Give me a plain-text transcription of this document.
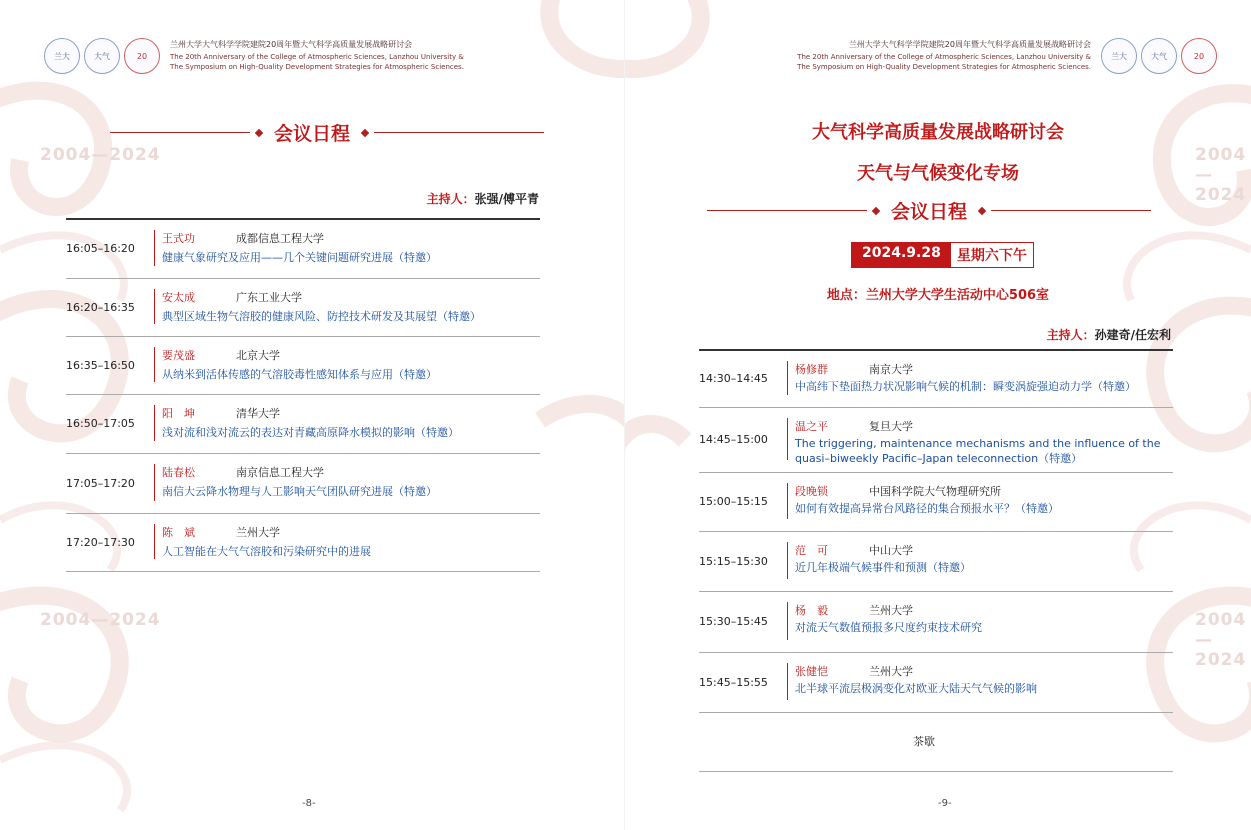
2004—2024
2004—2024
兰大	大气	20
兰州大学大气科学学院建院20周年暨大气科学高质量发展战略研讨会
The 20th Anniversary of the College of Atmospheric Sciences, Lanzhou University &
The Symposium on High-Quality Development Strategies for Atmospheric Sciences.
会议日程
主持人：张强/傅平青
16:05–16:20
王式功	成都信息工程大学
健康气象研究及应用——几个关键问题研究进展（特邀）
16:20–16:35
安太成	广东工业大学
典型区域生物气溶胶的健康风险、防控技术研发及其展望（特邀）
16:35–16:50
要茂盛	北京大学
从纳米到活体传感的气溶胶毒性感知体系与应用（特邀）
16:50–17:05
阳　坤	清华大学
浅对流和浅对流云的表达对青藏高原降水模拟的影响（特邀）
17:05–17:20
陆春松	南京信息工程大学
南信大云降水物理与人工影响天气团队研究进展（特邀）
17:20–17:30
陈　斌	兰州大学
人工智能在大气气溶胶和污染研究中的进展
-8-
2004—2024
2004—2024
兰州大学大气科学学院建院20周年暨大气科学高质量发展战略研讨会
The 20th Anniversary of the College of Atmospheric Sciences, Lanzhou University &
The Symposium on High-Quality Development Strategies for Atmospheric Sciences.
兰大	大气	20
大气科学高质量发展战略研讨会
天气与气候变化专场
会议日程
2024.9.28	星期六下午
地点：兰州大学大学生活动中心506室
主持人：孙建奇/任宏利
14:30–14:45
杨修群	南京大学
中高纬下垫面热力状况影响气候的机制：瞬变涡旋强迫动力学（特邀）
14:45–15:00
温之平	复旦大学
The triggering, maintenance mechanisms and the influence of the
quasi–biweekly Pacific–Japan teleconnection（特邀）
15:00–15:15
段晚锁	中国科学院大气物理研究所
如何有效提高异常台风路径的集合预报水平？（特邀）
15:15–15:30
范　可	中山大学
近几年极端气候事件和预测（特邀）
15:30–15:45
杨　毅	兰州大学
对流天气数值预报多尺度约束技术研究
15:45–15:55
张健恺	兰州大学
北半球平流层极涡变化对欧亚大陆天气气候的影响
茶歇
-9-
